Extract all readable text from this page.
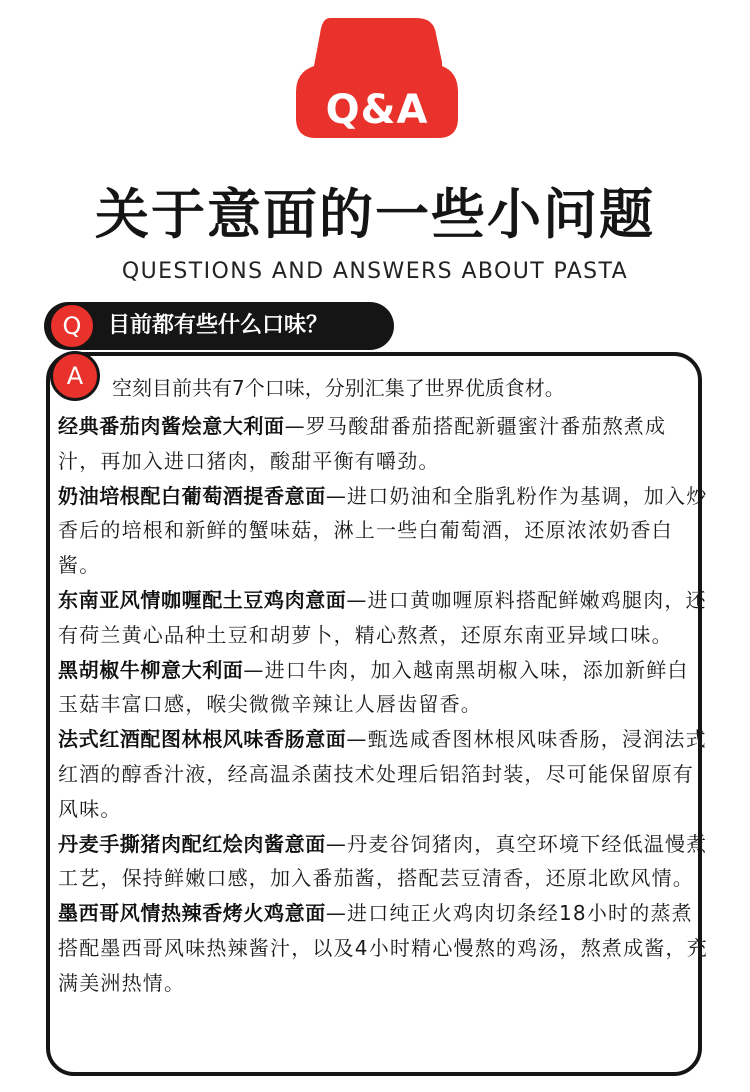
Q&A
关于意面的一些小问题
QUESTIONS AND ANSWERS ABOUT PASTA
Q	目前都有些什么口味？
A	空刻目前共有7个口味，分别汇集了世界优质食材。
经典番茄肉酱烩意大利面—罗马酸甜番茄搭配新疆蜜汁番茄熬煮成汁，再加入进口猪肉，酸甜平衡有嚼劲。
奶油培根配白葡萄酒提香意面—进口奶油和全脂乳粉作为基调，加入炒香后的培根和新鲜的蟹味菇，淋上一些白葡萄酒，还原浓浓奶香白酱。
东南亚风情咖喱配土豆鸡肉意面—进口黄咖喱原料搭配鲜嫩鸡腿肉，还有荷兰黄心品种土豆和胡萝卜，精心熬煮，还原东南亚异域口味。
黑胡椒牛柳意大利面—进口牛肉，加入越南黑胡椒入味，添加新鲜白玉菇丰富口感，喉尖微微辛辣让人唇齿留香。
法式红酒配图林根风味香肠意面—甄选咸香图林根风味香肠，浸润法式红酒的醇香汁液，经高温杀菌技术处理后铝箔封装，尽可能保留原有风味。
丹麦手撕猪肉配红烩肉酱意面—丹麦谷饲猪肉，真空环境下经低温慢煮工艺，保持鲜嫩口感，加入番茄酱，搭配芸豆清香，还原北欧风情。
墨西哥风情热辣香烤火鸡意面—进口纯正火鸡肉切条经18小时的蒸煮搭配墨西哥风味热辣酱汁，以及4小时精心慢熬的鸡汤，熬煮成酱，充满美洲热情。
